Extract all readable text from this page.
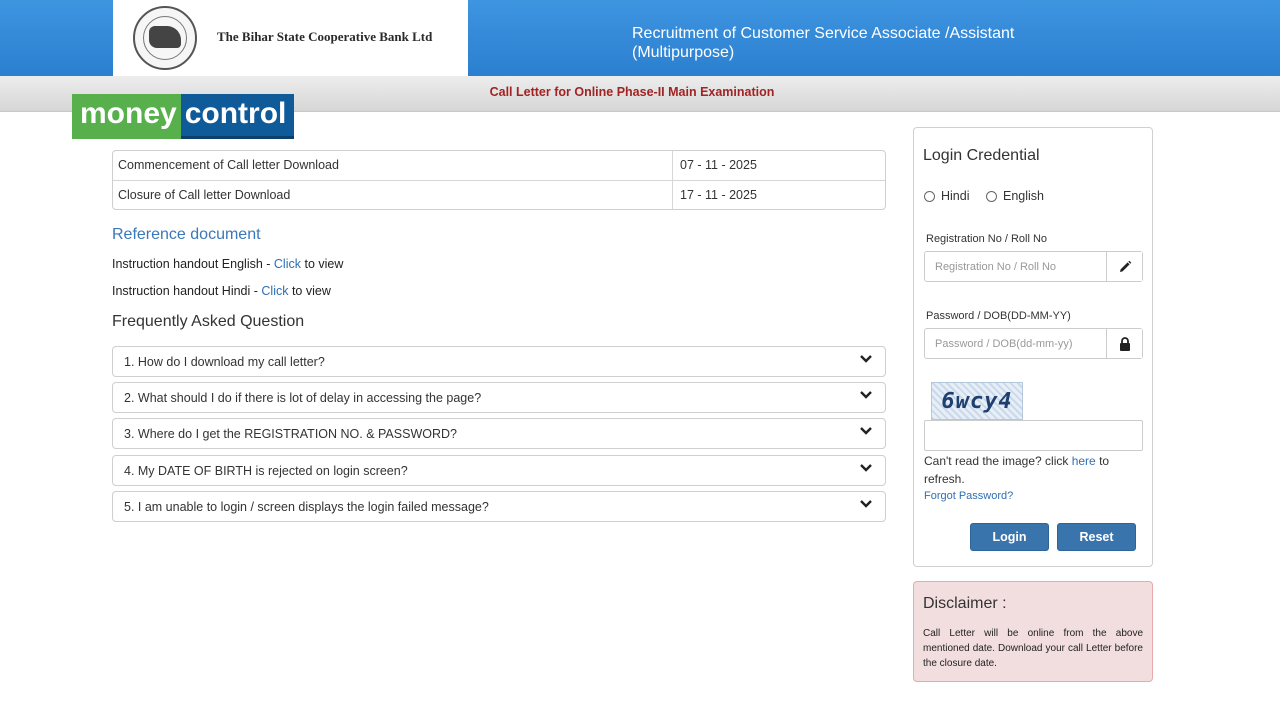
The Bihar State Cooperative Bank Ltd	Recruitment of Customer Service Associate /Assistant (Multipurpose)
Call Letter for Online Phase-II Main Examination
money control
Commencement of Call letter Download	07 - 11 - 2025
Closure of Call letter Download	17 - 11 - 2025
Reference document
Instruction handout English - Click to view
Instruction handout Hindi - Click to view
Frequently Asked Question
1. How do I download my call letter?
2. What should I do if there is lot of delay in accessing the page?
3. Where do I get the REGISTRATION NO. & PASSWORD?
4. My DATE OF BIRTH is rejected on login screen?
5. I am unable to login / screen displays the login failed message?
Login Credential
Hindi	English
Registration No / Roll No
Registration No / Roll No
Password / DOB(DD-MM-YY)
Password / DOB(dd-mm-yy)
6wcy4
Can't read the image? click here to refresh.
Forgot Password?
Login	Reset
Disclaimer :
Call Letter will be online from the above mentioned date. Download your call Letter before the closure date.
